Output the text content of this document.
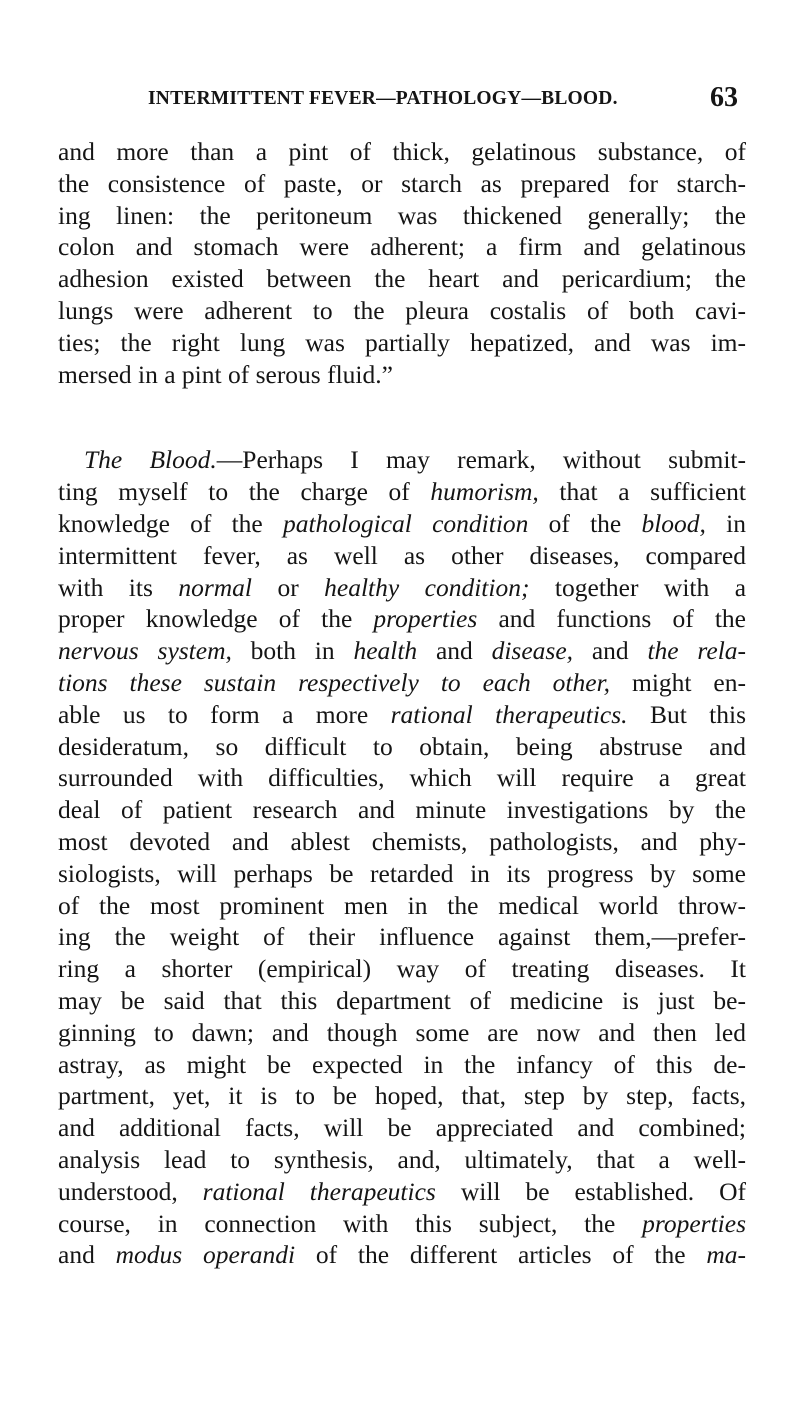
INTERMITTENT FEVER—PATHOLOGY—BLOOD.	63
and more than a pint of thick, gelatinous substance, of
the consistence of paste, or starch as prepared for starch-
ing linen: the peritoneum was thickened generally; the
colon and stomach were adherent; a firm and gelatinous
adhesion existed between the heart and pericardium; the
lungs were adherent to the pleura costalis of both cavi-
ties; the right lung was partially hepatized, and was im-
mersed in a pint of serous fluid.”
The Blood.—Perhaps I may remark, without submit-
ting myself to the charge of humorism, that a sufficient
knowledge of the pathological condition of the blood, in
intermittent fever, as well as other diseases, compared
with its normal or healthy condition; together with a
proper knowledge of the properties and functions of the
nervous system, both in health and disease, and the rela-
tions these sustain respectively to each other, might en-
able us to form a more rational therapeutics. But this
desideratum, so difficult to obtain, being abstruse and
surrounded with difficulties, which will require a great
deal of patient research and minute investigations by the
most devoted and ablest chemists, pathologists, and phy-
siologists, will perhaps be retarded in its progress by some
of the most prominent men in the medical world throw-
ing the weight of their influence against them,—prefer-
ring a shorter (empirical) way of treating diseases. It
may be said that this department of medicine is just be-
ginning to dawn; and though some are now and then led
astray, as might be expected in the infancy of this de-
partment, yet, it is to be hoped, that, step by step, facts,
and additional facts, will be appreciated and combined;
analysis lead to synthesis, and, ultimately, that a well-
understood, rational therapeutics will be established. Of
course, in connection with this subject, the properties
and modus operandi of the different articles of the ma-
